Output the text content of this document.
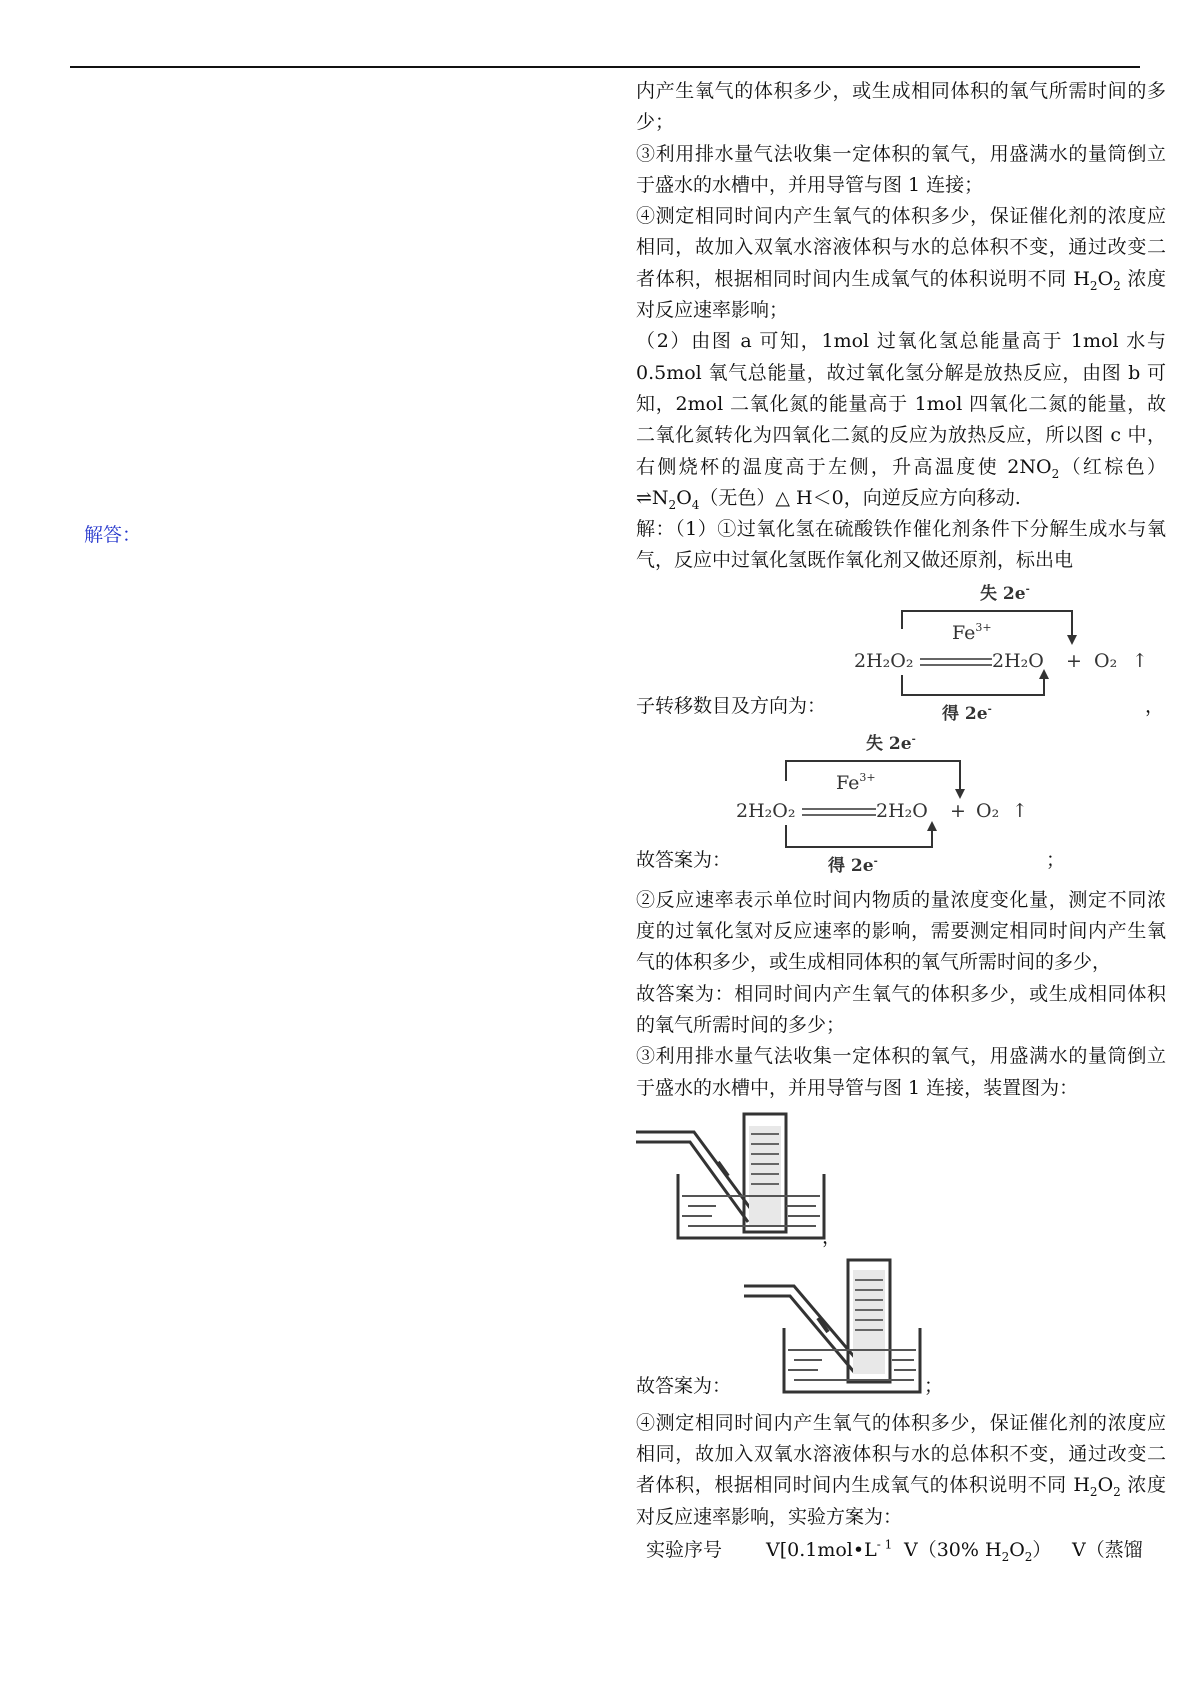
解答：

内产生氧气的体积多少，或生成相同体积的氧气所需时间的多少；

③利用排水量气法收集一定体积的氧气，用盛满水的量筒倒立于盛水的水槽中，并用导管与图 1 连接；

④测定相同时间内产生氧气的体积多少，保证催化剂的浓度应相同，故加入双氧水溶液体积与水的总体积不变，通过改变二者体积，根据相同时间内生成氧气的体积说明不同 $H_2O_2$ 浓度对反应速率影响；

（2）由图 a 可知，1mol 过氧化氢总能量高于 1mol 水与 0.5mol 氧气总能量，故过氧化氢分解是放热反应，由图 b 可知，2mol 二氧化氮的能量高于 1mol 四氧化二氮的能量，故二氧化氮转化为四氧化二氮的反应为放热反应，所以图 c 中，右侧烧杯的温度高于左侧，升高温度使 $2NO_2$（红棕色）$\rightleftharpoons N_2O_4$（无色）△ H＜0，向逆反应方向移动.

解：（1）①过氧化氢在硫酸铁作催化剂条件下分解生成水与氧气，反应中过氧化氢既作氧化剂又做还原剂，标出电

子转移数目及方向为：	，
失 2e-
$Fe^{3+}$
2H₂O₂	2H₂O + O₂ ↑
得 2e-
故答案为：	；
失 2e-
$Fe^{3+}$
2H₂O₂	2H₂O + O₂ ↑
得 2e-

②反应速率表示单位时间内物质的量浓度变化量，测定不同浓度的过氧化氢对反应速率的影响，需要测定相同时间内产生氧气的体积多少，或生成相同体积的氧气所需时间的多少，

故答案为：相同时间内产生氧气的体积多少，或生成相同体积的氧气所需时间的多少；

③利用排水量气法收集一定体积的氧气，用盛满水的量筒倒立于盛水的水槽中，并用导管与图 1 连接，装置图为：

，
故答案为：	；

④测定相同时间内产生氧气的体积多少，保证催化剂的浓度应相同，故加入双氧水溶液体积与水的总体积不变，通过改变二者体积，根据相同时间内生成氧气的体积说明不同 $H_2O_2$ 浓度对反应速率影响，实验方案为：

实验序号	$V[0.1mol•L^{- 1}$ V（30% $H_2O_2$）	V（蒸馏
